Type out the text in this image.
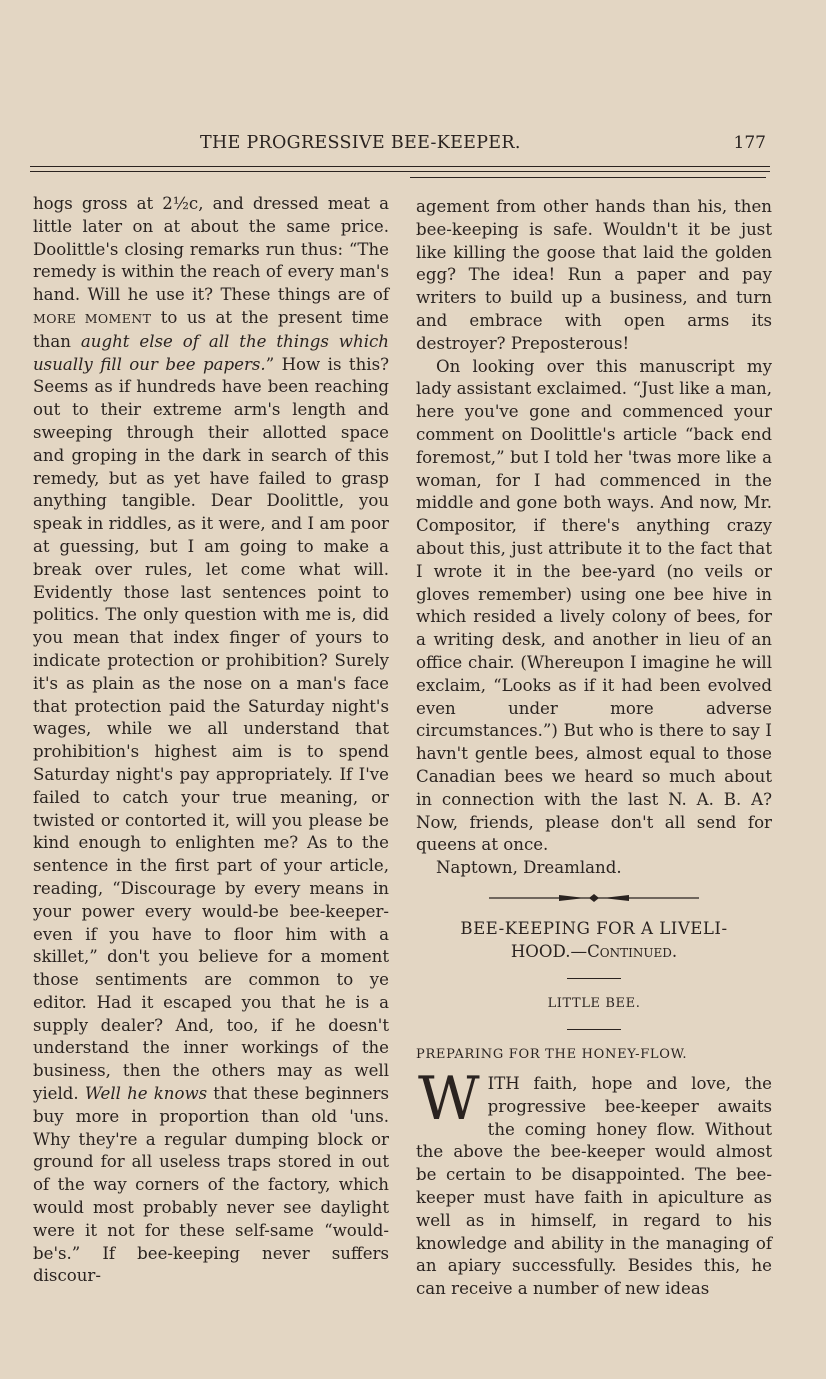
THE PROGRESSIVE BEE-KEEPER.	177

hogs gross at 2½c, and dressed meat a little later on at about the same price. Doolittle's closing remarks run thus: “The remedy is within the reach of every man's hand. Will he use it? These things are of MORE MOMENT to us at the present time than aught else of all the things which usually fill our bee papers.” How is this? Seems as if hundreds have been reaching out to their extreme arm's length and sweeping through their allotted space and groping in the dark in search of this remedy, but as yet have failed to grasp anything tangible. Dear Doolittle, you speak in riddles, as it were, and I am poor at guessing, but I am going to make a break over rules, let come what will. Evidently those last sentences point to politics. The only question with me is, did you mean that index finger of yours to indicate protection or prohibition? Surely it's as plain as the nose on a man's face that protection paid the Saturday night's wages, while we all understand that prohibition's highest aim is to spend Saturday night's pay appropriately. If I've failed to catch your true meaning, or twisted or contorted it, will you please be kind enough to enlighten me? As to the sentence in the first part of your article, reading, “Discourage by every means in your power every would-be bee-keeper- even if you have to floor him with a skillet,” don't you believe for a moment those sentiments are common to ye editor. Had it escaped you that he is a supply dealer? And, too, if he doesn't understand the inner workings of the business, then the others may as well yield. Well he knows that these beginners buy more in proportion than old 'uns. Why they're a regular dumping block or ground for all useless traps stored in out of the way corners of the factory, which would most probably never see daylight were it not for these self-same “would-be's.” If bee-keeping never suffers discour-

agement from other hands than his, then bee-keeping is safe. Wouldn't it be just like killing the goose that laid the golden egg? The idea! Run a paper and pay writers to build up a business, and turn and embrace with open arms its destroyer? Preposterous!

On looking over this manuscript my lady assistant exclaimed. “Just like a man, here you've gone and commenced your comment on Doolittle's article “back end foremost,” but I told her 'twas more like a woman, for I had commenced in the middle and gone both ways. And now, Mr. Compositor, if there's anything crazy about this, just attribute it to the fact that I wrote it in the bee-yard (no veils or gloves remember) using one bee hive in which resided a lively colony of bees, for a writing desk, and another in lieu of an office chair. (Whereupon I imagine he will exclaim, “Looks as if it had been evolved even under more adverse circumstances.”) But who is there to say I havn't gentle bees, almost equal to those Canadian bees we heard so much about in connection with the last N. A. B. A? Now, friends, please don't all send for queens at once.

Naptown, Dreamland.

BEE-KEEPING FOR A LIVELI-

HOOD.—Continued.

LITTLE BEE.

PREPARING FOR THE HONEY-FLOW.

WITH faith, hope and love, the progressive bee-keeper awaits the coming honey flow. Without the above the bee-keeper would almost be certain to be disappointed. The bee-keeper must have faith in apiculture as well as in himself, in regard to his knowledge and ability in the managing of an apiary successfully. Besides this, he can receive a number of new ideas
